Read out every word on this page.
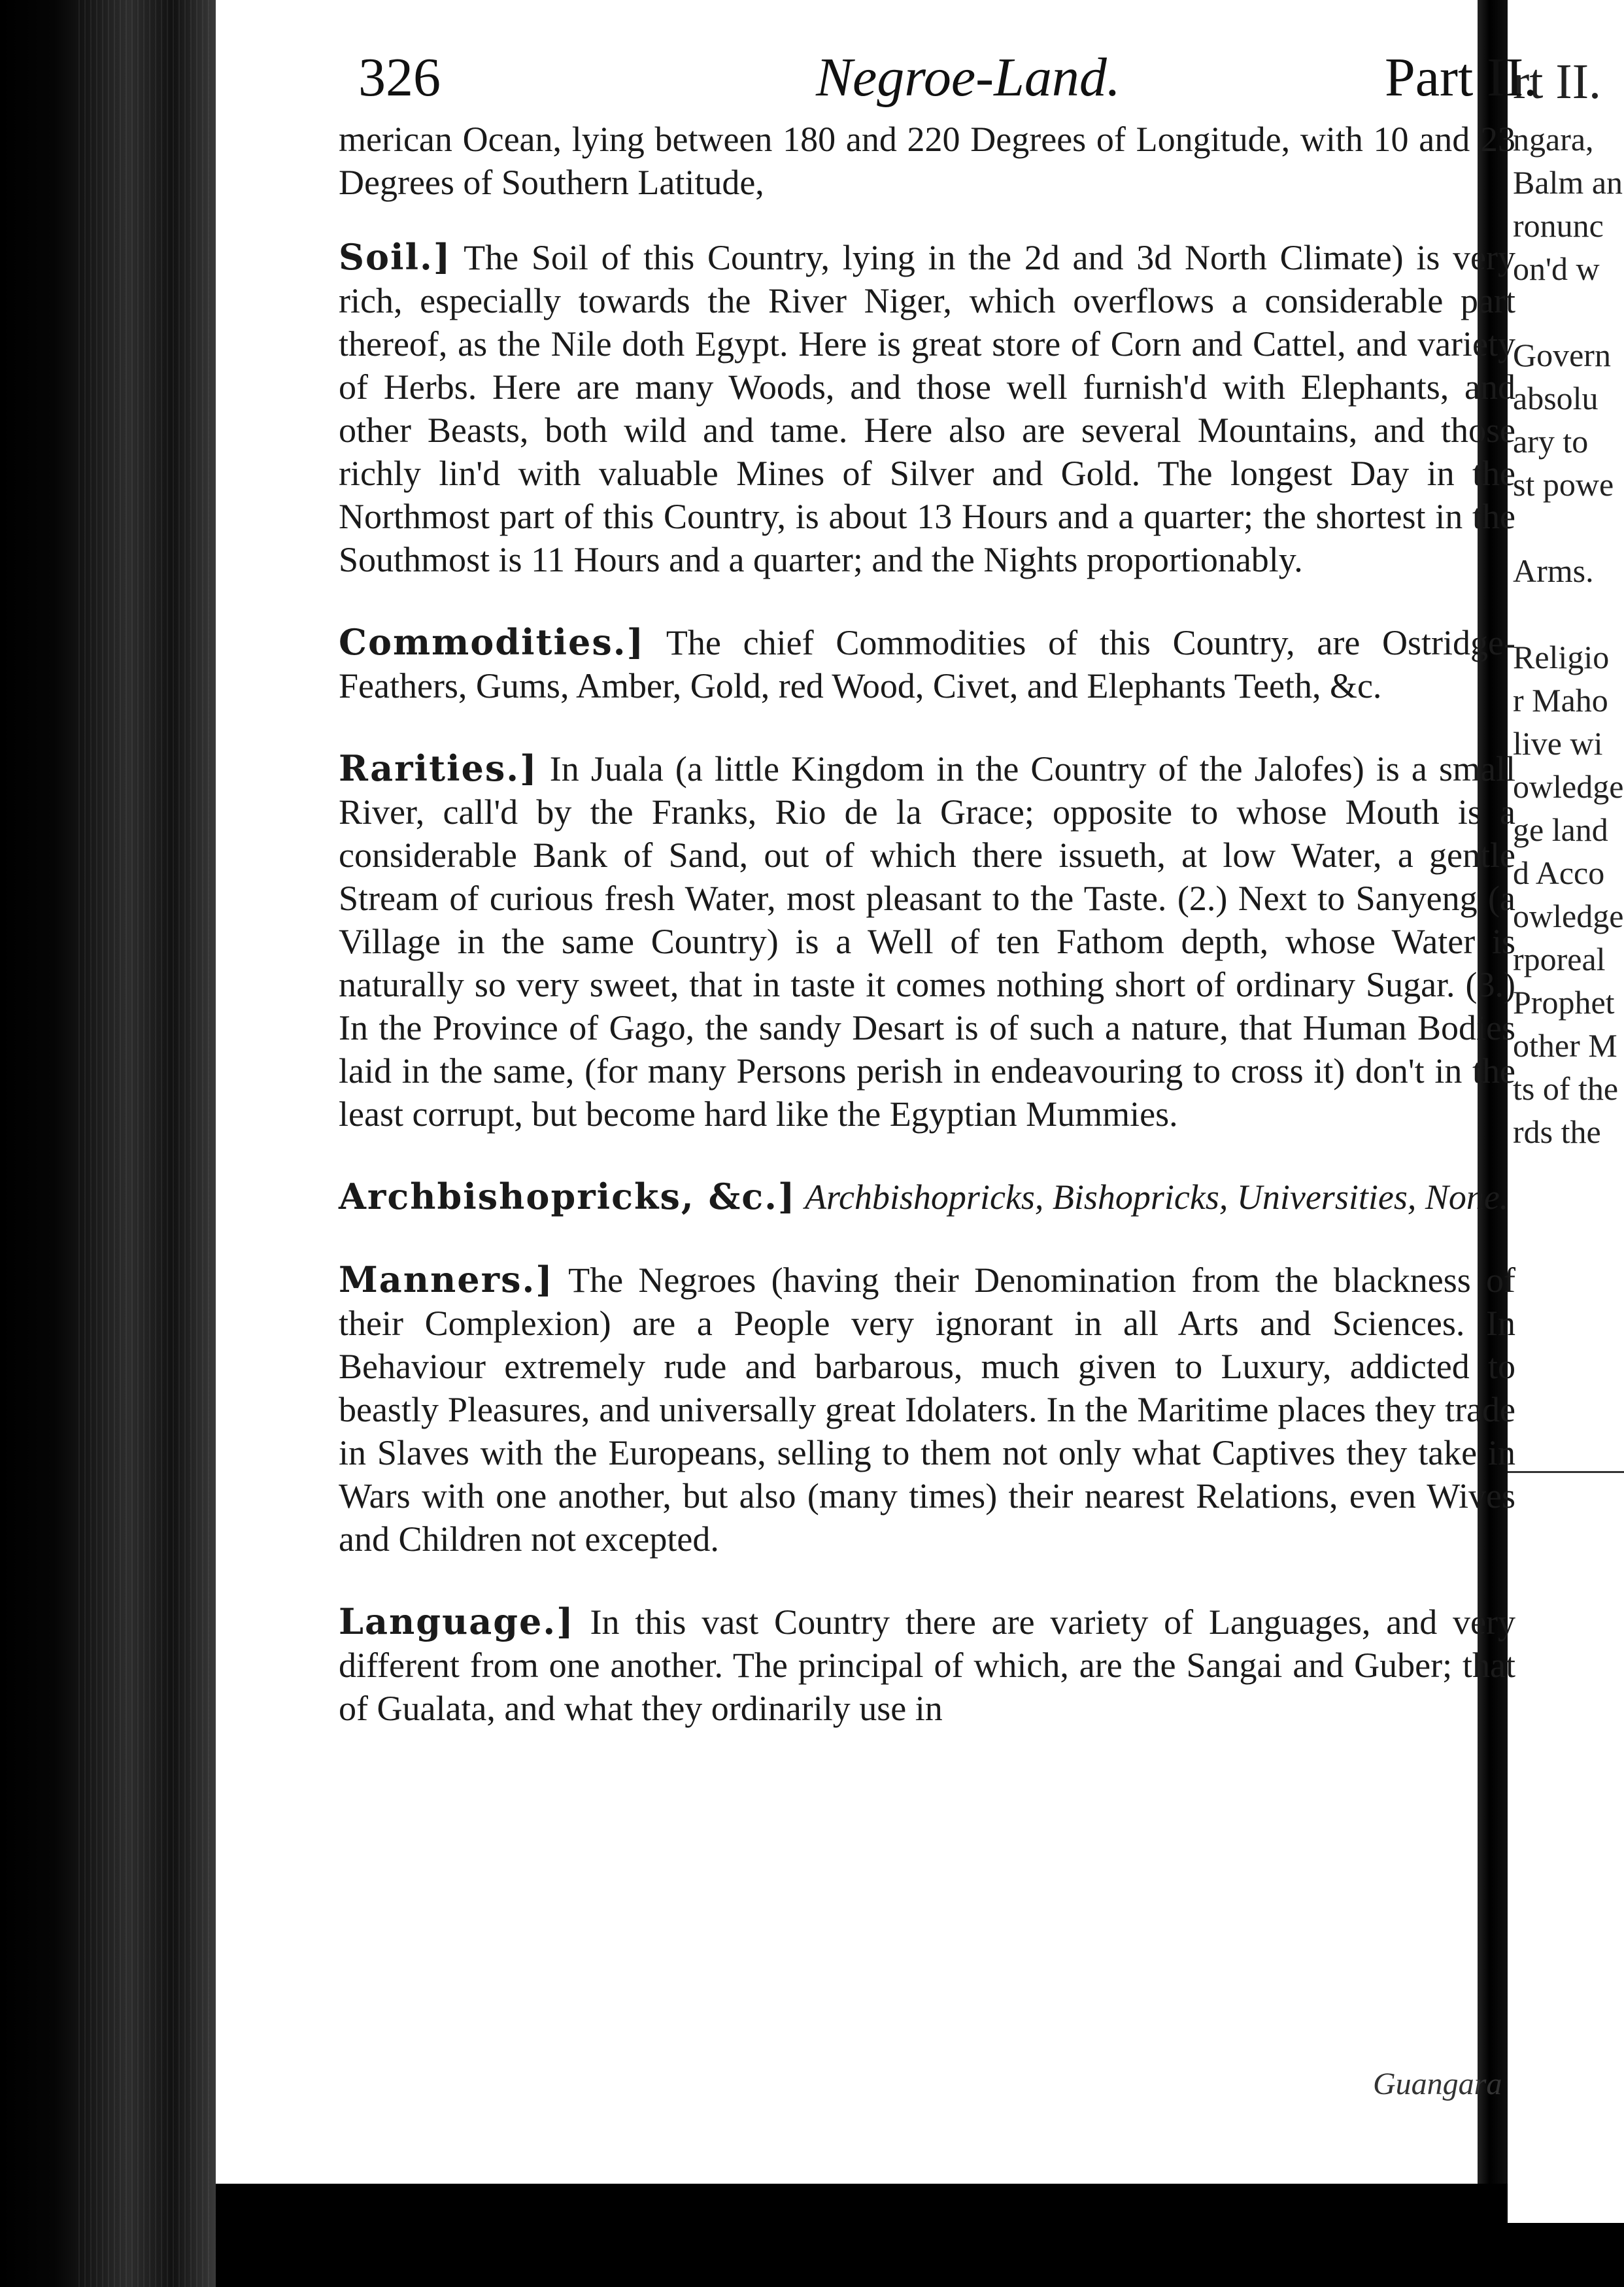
rt II.
ngara,
Balm an
ronunc
on'd w

Govern
absolu
ary to
st powe

Arms.

Religio
r Maho
live wi
owledge
ge land
d Acco
owledge
rporeal
Prophet
other M
ts of the
rds the
326	Negroe-Land.	Part II.

merican Ocean, lying between 180 and 220 Degrees of Longitude, with 10 and 23 Degrees of Southern Latitude,

Soil.] The Soil of this Country, lying in the 2d and 3d North Climate) is very rich, especially towards the River Niger, which overflows a considerable part thereof, as the Nile doth Egypt. Here is great store of Corn and Cattel, and variety of Herbs. Here are many Woods, and those well furnish'd with Elephants, and other Beasts, both wild and tame. Here also are several Mountains, and those richly lin'd with valuable Mines of Silver and Gold. The longest Day in the Northmost part of this Country, is about 13 Hours and a quarter; the shortest in the Southmost is 11 Hours and a quarter; and the Nights proportionably.

Commodities.] The chief Commodities of this Country, are Ostridge-Feathers, Gums, Amber, Gold, red Wood, Civet, and Elephants Teeth, &c.

Rarities.] In Juala (a little Kingdom in the Country of the Jalofes) is a small River, call'd by the Franks, Rio de la Grace; opposite to whose Mouth is a considerable Bank of Sand, out of which there issueth, at low Water, a gentle Stream of curious fresh Water, most pleasant to the Taste. (2.) Next to Sanyeng (a Village in the same Country) is a Well of ten Fathom depth, whose Water is naturally so very sweet, that in taste it comes nothing short of ordinary Sugar. (3.) In the Province of Gago, the sandy Desart is of such a nature, that Human Bodies laid in the same, (for many Persons perish in endeavouring to cross it) don't in the least corrupt, but become hard like the Egyptian Mummies.

Archbishopricks, &c.] Archbishopricks, Bishopricks, Universities, None.

Manners.] The Negroes (having their Denomination from the blackness of their Complexion) are a People very ignorant in all Arts and Sciences. In Behaviour extremely rude and barbarous, much given to Luxury, addicted to beastly Pleasures, and universally great Idolaters. In the Maritime places they trade in Slaves with the Europeans, selling to them not only what Captives they take in Wars with one another, but also (many times) their nearest Relations, even Wives and Children not excepted.

Language.] In this vast Country there are variety of Languages, and very different from one another. The principal of which, are the Sangai and Guber; that of Gualata, and what they ordinarily use in

Guangara
